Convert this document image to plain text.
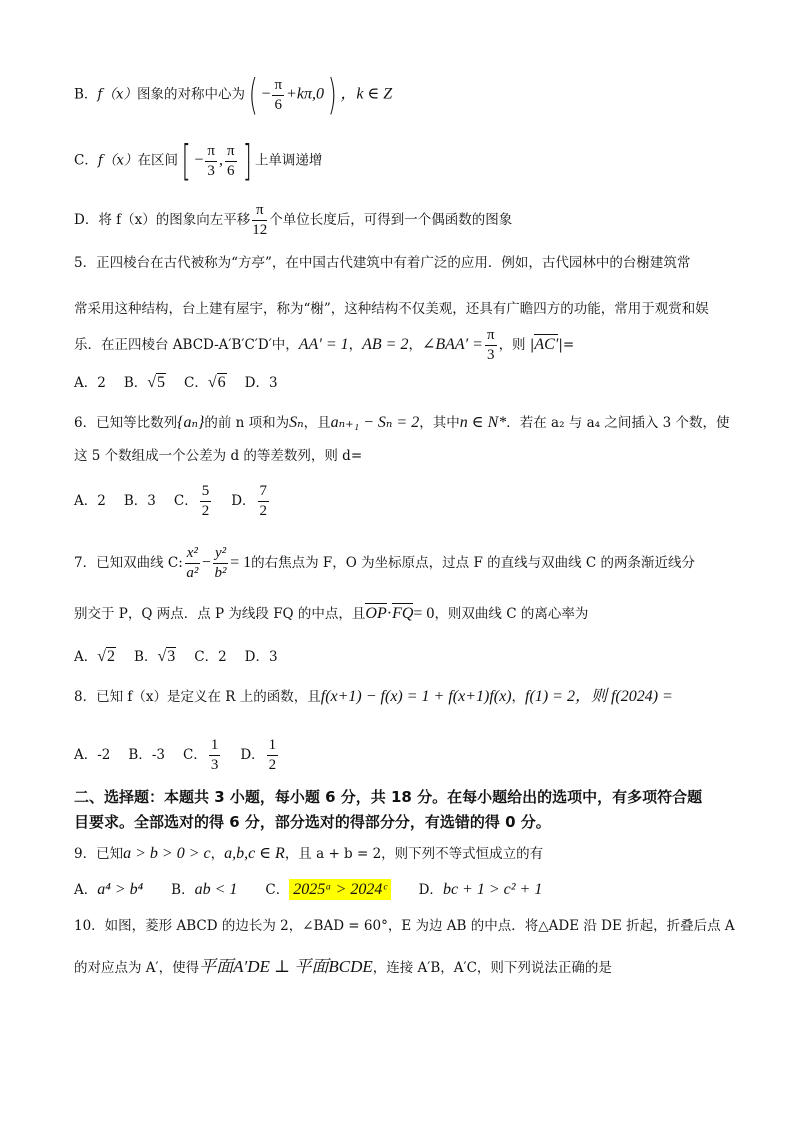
B．f（x）图象的对称中心为( − $\frac{\pi}{6} +k\pi,0$) ，k ∈ Z
C．f（x）在区间[ − $\frac{\pi}{3}$ , $\frac{\pi}{6}$ ] 上单调递增
D．将 f（x）的图象向左平移 $\frac{\pi}{12}$ 个单位长度后，可得到一个偶函数的图象
5．正四棱台在古代被称为“方亭”，在中国古代建筑中有着广泛的应用．例如，古代园林中的台榭建筑常
常采用这种结构，台上建有屋宇，称为“榭”，这种结构不仅美观，还具有广瞻四方的功能，常用于观赏和娱
乐．在正四棱台 ABCD-A′B′C′D′中，AA′ = 1，AB = 2，∠BAA′ = $\frac{\pi}{3}$ ，则 |AC′|=
A．2 B．√5 C．√6 D．3
6．已知等比数列{aₙ}的前 n 项和为Sₙ，且aₙ₊₁ − Sₙ = 2，其中n ∈ N*．若在 a₂ 与 a₄ 之间插入 3 个数，使
这 5 个数组成一个公差为 d 的等差数列，则 d=
A．2 B．3 C． $\frac{5}{2}$ D． $\frac{7}{2}$
7．已知双曲线 C: $\frac{\text{x²}}{\text{a²}} - \frac{\text{y²}}{\text{b²}} = 1$的右焦点为 F，O 为坐标原点，过点 F 的直线与双曲线 C 的两条渐近线分
别交于 P，Q 两点．点 P 为线段 FQ 的中点，且OP·FQ= 0，则双曲线 C 的离心率为
A．√2 B．√3 C．2 D．3
8．已知 f（x）是定义在 R 上的函数，且f(x+1) − f(x) = 1 + f(x+1)f(x)，f(1) = 2，则 f(2024) =
A．-2 B．-3 C． $\frac{1}{3}$ D． $\frac{1}{2}$
二、选择题：本题共 3 小题，每小题 6 分，共 18 分。在每小题给出的选项中，有多项符合题
目要求。全部选对的得 6 分，部分选对的得部分分，有选错的得 0 分。
9．已知a > b > 0 > c，a,b,c ∈ R，且 a + b = 2，则下列不等式恒成立的有
A．a⁴ > b⁴ B．ab < 1 C． 2025ᵃ > 2024ᶜ D．bc + 1 > c² + 1
10．如图，菱形 ABCD 的边长为 2，∠BAD = 60°，E 为边 AB 的中点．将△ADE 沿 DE 折起，折叠后点 A
的对应点为 A′，使得平面A′DE ⊥ 平面BCDE，连接 A′B，A′C，则下列说法正确的是
